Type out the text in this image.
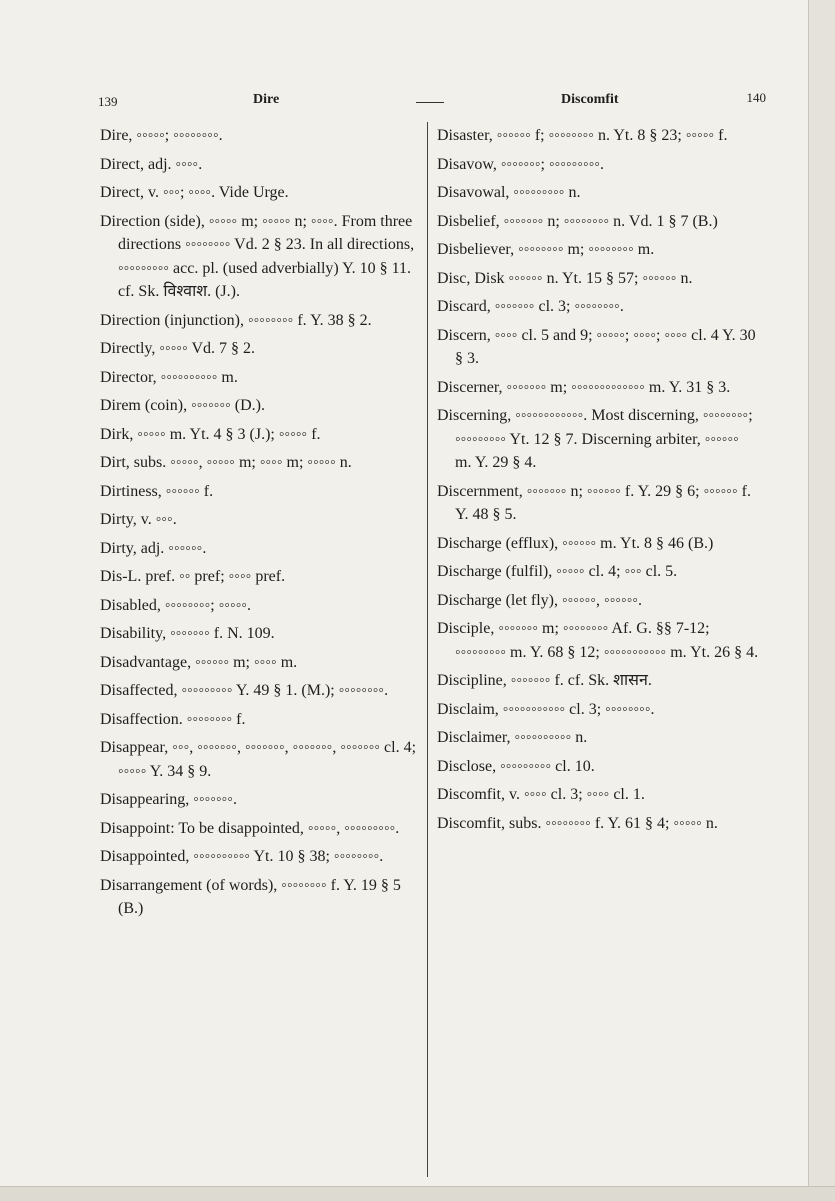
139	Dire	Discomfit	140

Dire, ◦◦◦◦◦; ◦◦◦◦◦◦◦◦.

Direct, adj. ◦◦◦◦.

Direct, v. ◦◦◦; ◦◦◦◦. Vide Urge.

Direction (side), ◦◦◦◦◦ m; ◦◦◦◦◦ n; ◦◦◦◦. From three directions ◦◦◦◦◦◦◦◦ Vd. 2 § 23. In all directions, ◦◦◦◦◦◦◦◦◦ acc. pl. (used adverbially) Y. 10 § 11. cf. Sk. विश्वाश. (J.).

Direction (injunction), ◦◦◦◦◦◦◦◦ f. Y. 38 § 2.

Directly, ◦◦◦◦◦ Vd. 7 § 2.

Director, ◦◦◦◦◦◦◦◦◦◦ m.

Direm (coin), ◦◦◦◦◦◦◦ (D.).

Dirk, ◦◦◦◦◦ m. Yt. 4 § 3 (J.); ◦◦◦◦◦ f.

Dirt, subs. ◦◦◦◦◦, ◦◦◦◦◦ m; ◦◦◦◦ m; ◦◦◦◦◦ n.

Dirtiness, ◦◦◦◦◦◦ f.

Dirty, v. ◦◦◦.

Dirty, adj. ◦◦◦◦◦◦.

Dis-L. pref. ◦◦ pref; ◦◦◦◦ pref.

Disabled, ◦◦◦◦◦◦◦◦; ◦◦◦◦◦.

Disability, ◦◦◦◦◦◦◦ f. N. 109.

Disadvantage, ◦◦◦◦◦◦ m; ◦◦◦◦ m.

Disaffected, ◦◦◦◦◦◦◦◦◦ Y. 49 § 1. (M.); ◦◦◦◦◦◦◦◦.

Disaffection. ◦◦◦◦◦◦◦◦ f.

Disappear, ◦◦◦, ◦◦◦◦◦◦◦, ◦◦◦◦◦◦◦, ◦◦◦◦◦◦◦, ◦◦◦◦◦◦◦ cl. 4; ◦◦◦◦◦ Y. 34 § 9.

Disappearing, ◦◦◦◦◦◦◦.

Disappoint: To be disappointed, ◦◦◦◦◦, ◦◦◦◦◦◦◦◦◦.

Disappointed, ◦◦◦◦◦◦◦◦◦◦ Yt. 10 § 38; ◦◦◦◦◦◦◦◦.

Disarrangement (of words), ◦◦◦◦◦◦◦◦ f. Y. 19 § 5 (B.)

Disaster, ◦◦◦◦◦◦ f; ◦◦◦◦◦◦◦◦ n. Yt. 8 § 23; ◦◦◦◦◦ f.

Disavow, ◦◦◦◦◦◦◦; ◦◦◦◦◦◦◦◦◦.

Disavowal, ◦◦◦◦◦◦◦◦◦ n.

Disbelief, ◦◦◦◦◦◦◦ n; ◦◦◦◦◦◦◦◦ n. Vd. 1 § 7 (B.)

Disbeliever, ◦◦◦◦◦◦◦◦ m; ◦◦◦◦◦◦◦◦ m.

Disc, Disk ◦◦◦◦◦◦ n. Yt. 15 § 57; ◦◦◦◦◦◦ n.

Discard, ◦◦◦◦◦◦◦ cl. 3; ◦◦◦◦◦◦◦◦.

Discern, ◦◦◦◦ cl. 5 and 9; ◦◦◦◦◦; ◦◦◦◦; ◦◦◦◦ cl. 4 Y. 30 § 3.

Discerner, ◦◦◦◦◦◦◦ m; ◦◦◦◦◦◦◦◦◦◦◦◦◦ m. Y. 31 § 3.

Discerning, ◦◦◦◦◦◦◦◦◦◦◦◦. Most discerning, ◦◦◦◦◦◦◦◦; ◦◦◦◦◦◦◦◦◦ Yt. 12 § 7. Discerning arbiter, ◦◦◦◦◦◦ m. Y. 29 § 4.

Discernment, ◦◦◦◦◦◦◦ n; ◦◦◦◦◦◦ f. Y. 29 § 6; ◦◦◦◦◦◦ f. Y. 48 § 5.

Discharge (efflux), ◦◦◦◦◦◦ m. Yt. 8 § 46 (B.)

Discharge (fulfil), ◦◦◦◦◦ cl. 4; ◦◦◦ cl. 5.

Discharge (let fly), ◦◦◦◦◦◦, ◦◦◦◦◦◦.

Disciple, ◦◦◦◦◦◦◦ m; ◦◦◦◦◦◦◦◦ Af. G. §§ 7-12; ◦◦◦◦◦◦◦◦◦ m. Y. 68 § 12; ◦◦◦◦◦◦◦◦◦◦◦ m. Yt. 26 § 4.

Discipline, ◦◦◦◦◦◦◦ f. cf. Sk. शासन.

Disclaim, ◦◦◦◦◦◦◦◦◦◦◦ cl. 3; ◦◦◦◦◦◦◦◦.

Disclaimer, ◦◦◦◦◦◦◦◦◦◦ n.

Disclose, ◦◦◦◦◦◦◦◦◦ cl. 10.

Discomfit, v. ◦◦◦◦ cl. 3; ◦◦◦◦ cl. 1.

Discomfit, subs. ◦◦◦◦◦◦◦◦ f. Y. 61 § 4; ◦◦◦◦◦ n.
